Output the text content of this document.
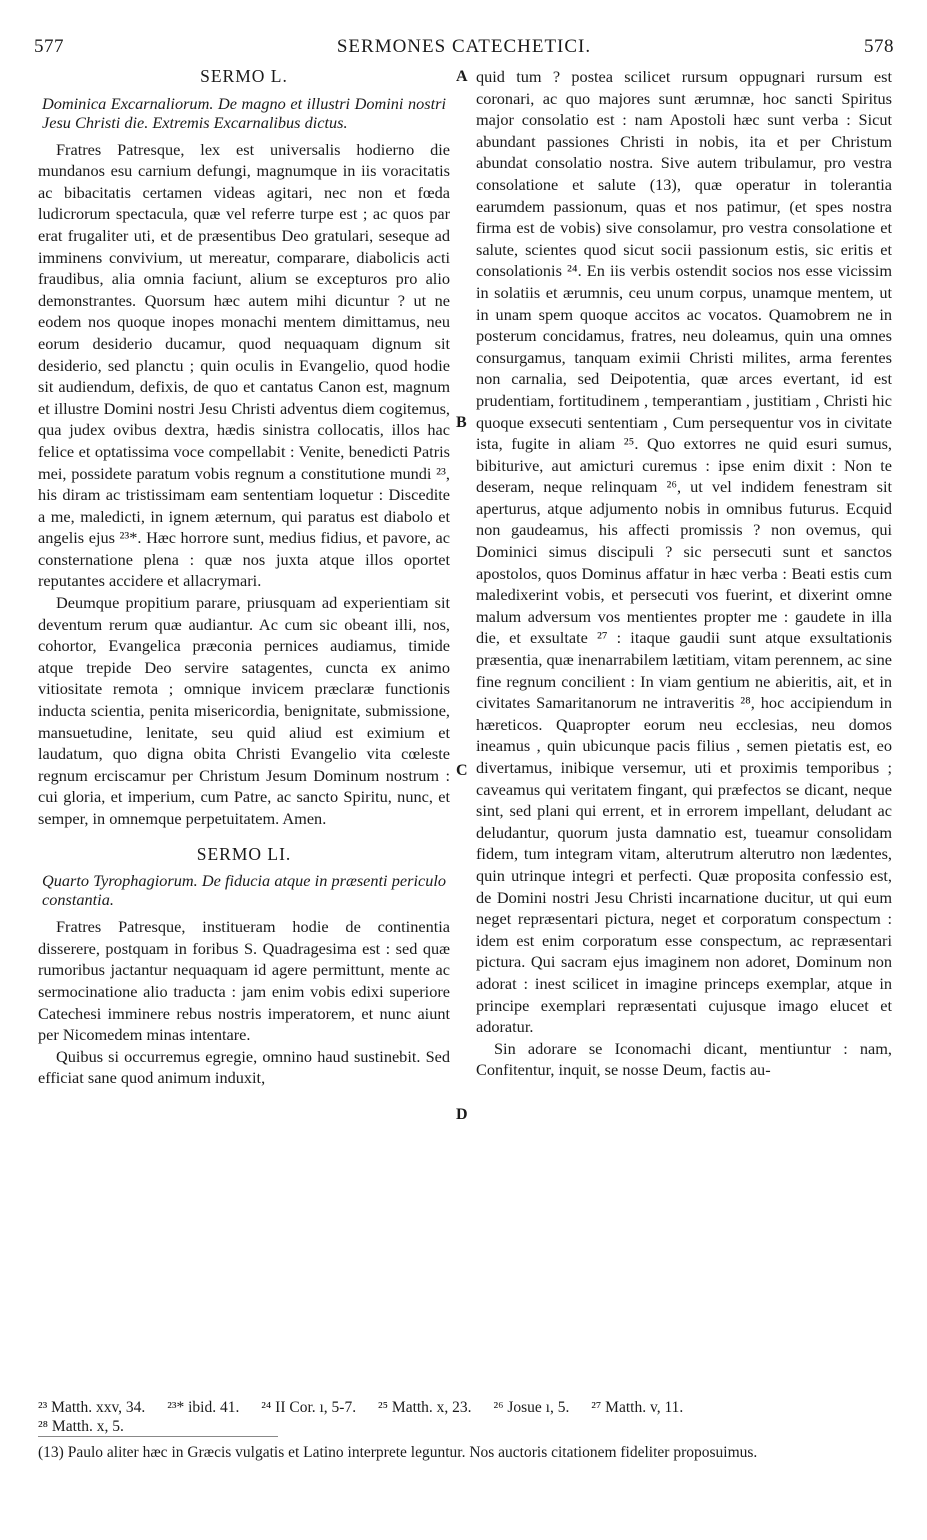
577	SERMONES CATECHETICI.	578
A
B
C
D
SERMO L.
Dominica Excarnaliorum. De magno et illustri Domini nostri Jesu Christi die. Extremis Excarnalibus dictus.

Fratres Patresque, lex est universalis hodierno die mundanos esu carnium defungi, magnumque in iis voracitatis ac bibacitatis certamen videas agitari, nec non et fœda ludicrorum spectacula, quæ vel referre turpe est ; ac quos par erat frugaliter uti, et de præsentibus Deo gratulari, seseque ad imminens convivium, ut mereatur, comparare, diabolicis acti fraudibus, alia omnia faciunt, alium se excepturos pro alio demonstrantes. Quorsum hæc autem mihi dicuntur ? ut ne eodem nos quoque inopes monachi mentem dimittamus, neu eorum desiderio ducamur, quod nequaquam dignum sit desiderio, sed planctu ; quin oculis in Evangelio, quod hodie sit audiendum, defixis, de quo et cantatus Canon est, magnum et illustre Domini nostri Jesu Christi adventus diem cogitemus, qua judex ovibus dextra, hædis sinistra collocatis, illos hac felice et optatissima voce compellabit : Venite, benedicti Patris mei, possidete paratum vobis regnum a constitutione mundi ²³, his diram ac tristissimam eam sententiam loquetur : Discedite a me, maledicti, in ignem æternum, qui paratus est diabolo et angelis ejus ²³*. Hæc horrore sunt, medius fidius, et pavore, ac consternatione plena : quæ nos juxta atque illos oportet reputantes accidere et allacrymari.

Deumque propitium parare, priusquam ad experientiam sit deventum rerum quæ audiantur. Ac cum sic obeant illi, nos, cohortor, Evangelica præconia pernices audiamus, timide atque trepide Deo servire satagentes, cuncta ex animo vitiositate remota ; omnique invicem præclaræ functionis inducta scientia, penita misericordia, benignitate, submissione, mansuetudine, lenitate, seu quid aliud est eximium et laudatum, quo digna obita Christi Evangelio vita cœleste regnum erciscamur per Christum Jesum Dominum nostrum : cui gloria, et imperium, cum Patre, ac sancto Spiritu, nunc, et semper, in omnemque perpetuitatem. Amen.

SERMO LI.
Quarto Tyrophagiorum. De fiducia atque in præsenti periculo constantia.

Fratres Patresque, institueram hodie de continentia disserere, postquam in foribus S. Quadragesima est : sed quæ rumoribus jactantur nequaquam id agere permittunt, mente ac sermocinatione alio traducta : jam enim vobis edixi superiore Catechesi imminere rebus nostris imperatorem, et nunc aiunt per Nicomedem minas intentare.

Quibus si occurremus egregie, omnino haud sustinebit. Sed efficiat sane quod animum induxit,

quid tum ? postea scilicet rursum oppugnari rursum est coronari, ac quo majores sunt ærumnæ, hoc sancti Spiritus major consolatio est : nam Apostoli hæc sunt verba : Sicut abundant passiones Christi in nobis, ita et per Christum abundat consolatio nostra. Sive autem tribulamur, pro vestra consolatione et salute (13), quæ operatur in tolerantia earumdem passionum, quas et nos patimur, (et spes nostra firma est de vobis) sive consolamur, pro vestra consolatione et salute, scientes quod sicut socii passionum estis, sic eritis et consolationis ²⁴. En iis verbis ostendit socios nos esse vicissim in solatiis et ærumnis, ceu unum corpus, unamque mentem, ut in unam spem quoque accitos ac vocatos. Quamobrem ne in posterum concidamus, fratres, neu doleamus, quin una omnes consurgamus, tanquam eximii Christi milites, arma ferentes non carnalia, sed Deipotentia, quæ arces evertant, id est prudentiam, fortitudinem , temperantiam , justitiam , Christi hic quoque exsecuti sententiam , Cum persequentur vos in civitate ista, fugite in aliam ²⁵. Quo extorres ne quid esuri sumus, bibiturive, aut amicturi curemus : ipse enim dixit : Non te deseram, neque relinquam ²⁶, ut vel indidem fenestram sit aperturus, atque adjumento nobis in omnibus futurus. Ecquid non gaudeamus, his affecti promissis ? non ovemus, qui Dominici simus discipuli ? sic persecuti sunt et sanctos apostolos, quos Dominus affatur in hæc verba : Beati estis cum maledixerint vobis, et persecuti vos fuerint, et dixerint omne malum adversum vos mentientes propter me : gaudete in illa die, et exsultate ²⁷ : itaque gaudii sunt atque exsultationis præsentia, quæ inenarrabilem lætitiam, vitam perennem, ac sine fine regnum concilient : In viam gentium ne abieritis, ait, et in civitates Samaritanorum ne intraveritis ²⁸, hoc accipiendum in hæreticos. Quapropter eorum neu ecclesias, neu domos ineamus , quin ubicunque pacis filius , semen pietatis est, eo divertamus, inibique versemur, uti et proximis temporibus ; caveamus qui veritatem fingant, qui præfectos se dicant, neque sint, sed plani qui errent, et in errorem impellant, deludant ac deludantur, quorum justa damnatio est, tueamur consolidam fidem, tum integram vitam, alterutrum alterutro non lædentes, quin utrinque integri et perfecti. Quæ proposita confessio est, de Domini nostri Jesu Christi incarnatione ducitur, ut qui eum neget repræsentari pictura, neget et corporatum conspectum : idem est enim corporatum esse conspectum, ac repræsentari pictura. Qui sacram ejus imaginem non adoret, Dominum non adorat : inest scilicet in imagine princeps exemplar, atque in principe exemplari repræsentati cujusque imago elucet et adoratur.

Sin adorare se Iconomachi dicant, mentiuntur : nam, Confitentur, inquit, se nosse Deum, factis au-

²³ Matth. xxv, 34. ²³* ibid. 41. ²⁴ II Cor. ı, 5-7. ²⁵ Matth. x, 23. ²⁶ Josue ı, 5. ²⁷ Matth. v, 11.
²⁸ Matth. x, 5.
(13) Paulo aliter hæc in Græcis vulgatis et Latino interprete leguntur. Nos auctoris citationem fideliter proposuimus.
